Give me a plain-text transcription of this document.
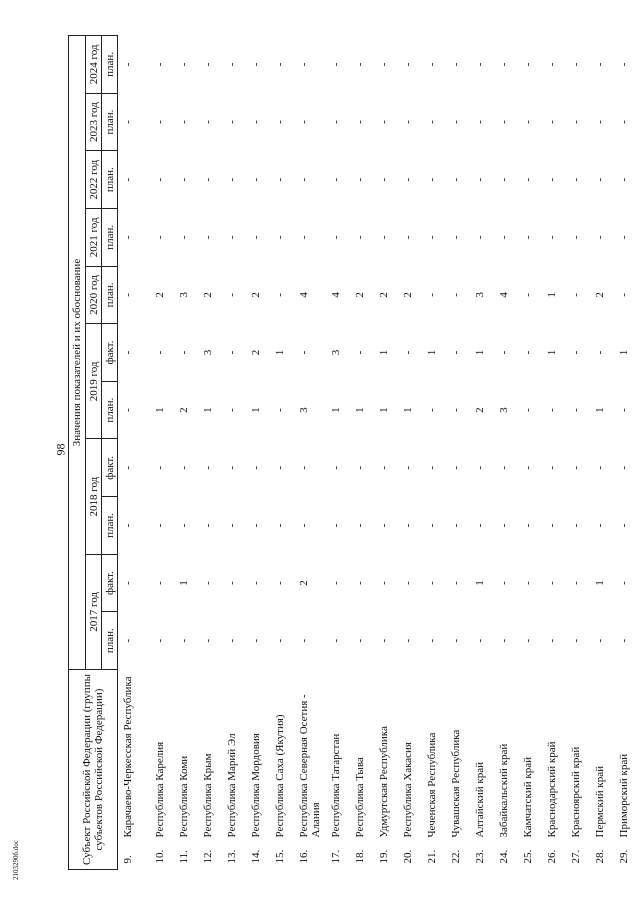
98
2103290б.doc	Субъект Российской Федерации (группы субъектов Российской Федерации)		Значения показателей и их обоснование										
		2017 год		2018 год		2019 год		2020 год	2021 год	2022 год	2023 год	2024 год
		план.	факт.	план.	факт.	план.	факт.	план.	план.	план.	план.	план.
9.	Карачаево-Черкесская Республика	-	-	-	-	-	-	-	-	-	-	-
10.	Республика Карелия	-	-	-	-	1	-	2	-	-	-	-
11.	Республика Коми	-	1	-	-	2	-	3	-	-	-	-
12.	Республика Крым	-	-	-	-	1	3	2	-	-	-	-
13.	Республика Марий Эл	-	-	-	-	-	-	-	-	-	-	-
14.	Республика Мордовия	-	-	-	-	1	2	2	-	-	-	-
15.	Республика Саха (Якутия)	-	-	-	-	-	1	-	-	-	-	-
16.	Республика Северная Осетия - Алания	-	2	-	-	3	-	4	-	-	-	-
17.	Республика Татарстан	-	-	-	-	1	3	4	-	-	-	-
18.	Республика Тыва	-	-	-	-	1	-	2	-	-	-	-
19.	Удмуртская Республика	-	-	-	-	1	1	2	-	-	-	-
20.	Республика Хакасия	-	-	-	-	1	-	2	-	-	-	-
21.	Чеченская Республика	-	-	-	-	-	1	-	-	-	-	-
22.	Чувашская Республика	-	-	-	-	-	-	-	-	-	-	-
23.	Алтайский край	-	1	-	-	2	1	3	-	-	-	-
24.	Забайкальский край	-	-	-	-	3	-	4	-	-	-	-
25.	Камчатский край	-	-	-	-	-	-	-	-	-	-	-
26.	Краснодарский край	-	-	-	-	-	1	1	-	-	-	-
27.	Красноярский край	-	-	-	-	-	-	-	-	-	-	-
28.	Пермский край	-	1	-	-	1	-	2	-	-	-	-
29.	Приморский край	-	-	-	-	-	1	-	-	-	-	-
